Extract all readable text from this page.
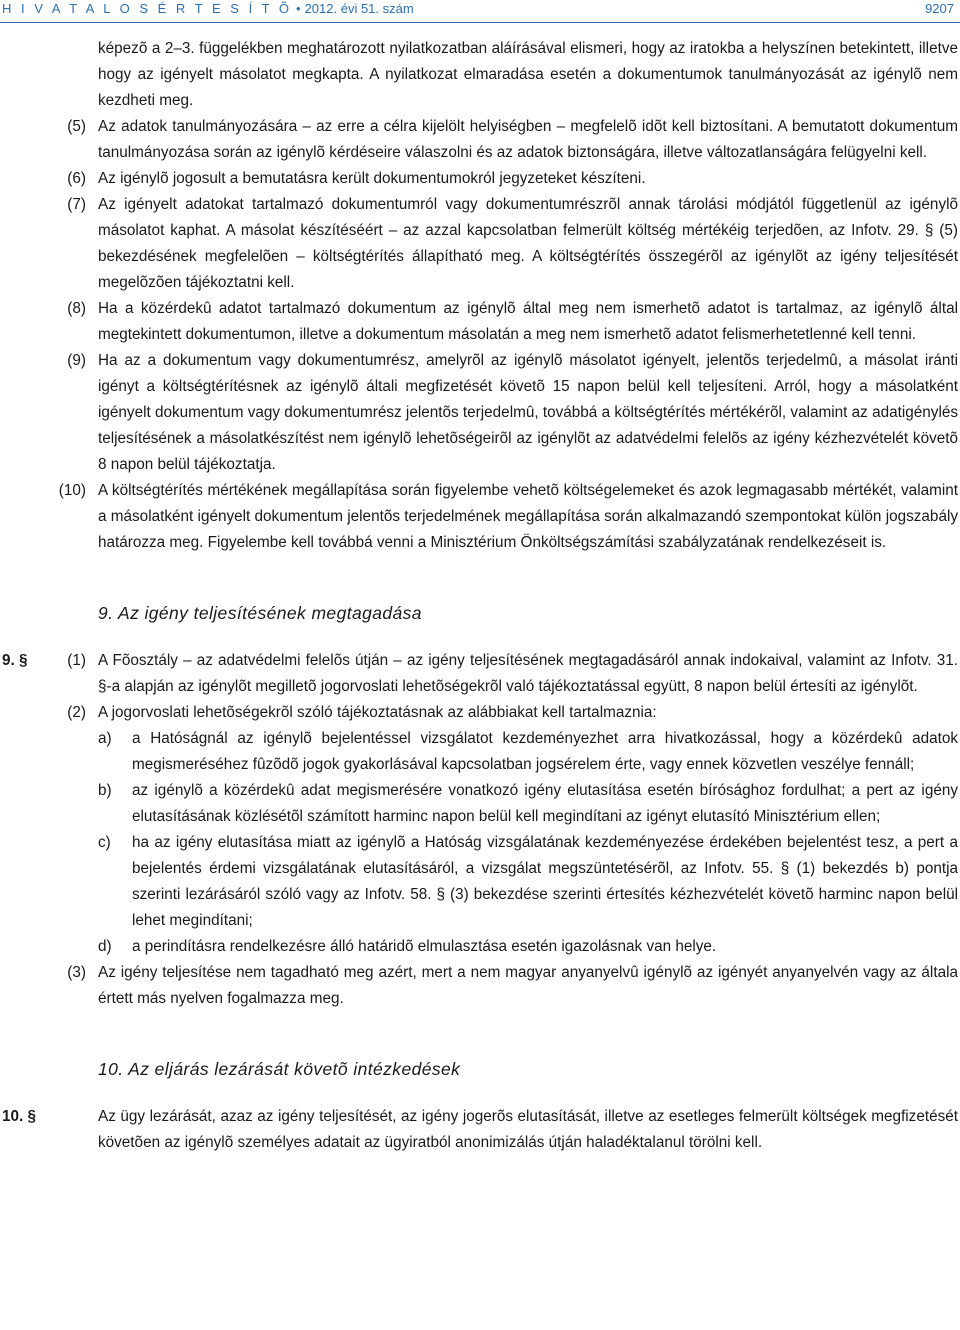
H I V A T A L O S É R T E S Í T Õ • 2012. évi 51. szám	9207

képezõ a 2–3. függelékben meghatározott nyilatkozatban aláírásával elismeri, hogy az iratokba a helyszínen betekintett, illetve hogy az igényelt másolatot megkapta. A nyilatkozat elmaradása esetén a dokumentumok tanulmányozását az igénylõ nem kezdheti meg.

(5) Az adatok tanulmányozására – az erre a célra kijelölt helyiségben – megfelelõ idõt kell biztosítani. A bemutatott dokumentum tanulmányozása során az igénylõ kérdéseire válaszolni és az adatok biztonságára, illetve változatlanságára felügyelni kell.

(6) Az igénylõ jogosult a bemutatásra került dokumentumokról jegyzeteket készíteni.

(7) Az igényelt adatokat tartalmazó dokumentumról vagy dokumentumrészrõl annak tárolási módjától függetlenül az igénylõ másolatot kaphat. A másolat készítéséért – az azzal kapcsolatban felmerült költség mértékéig terjedõen, az Infotv. 29. § (5) bekezdésének megfelelõen – költségtérítés állapítható meg. A költségtérítés összegérõl az igénylõt az igény teljesítését megelõzõen tájékoztatni kell.

(8) Ha a közérdekû adatot tartalmazó dokumentum az igénylõ által meg nem ismerhetõ adatot is tartalmaz, az igénylõ által megtekintett dokumentumon, illetve a dokumentum másolatán a meg nem ismerhetõ adatot felismerhetetlenné kell tenni.

(9) Ha az a dokumentum vagy dokumentumrész, amelyrõl az igénylõ másolatot igényelt, jelentõs terjedelmû, a másolat iránti igényt a költségtérítésnek az igénylõ általi megfizetését követõ 15 napon belül kell teljesíteni. Arról, hogy a másolatként igényelt dokumentum vagy dokumentumrész jelentõs terjedelmû, továbbá a költségtérítés mértékérõl, valamint az adatigénylés teljesítésének a másolatkészítést nem igénylõ lehetõségeirõl az igénylõt az adatvédelmi felelõs az igény kézhezvételét követõ 8 napon belül tájékoztatja.

(10) A költségtérítés mértékének megállapítása során figyelembe vehetõ költségelemeket és azok legmagasabb mértékét, valamint a másolatként igényelt dokumentum jelentõs terjedelmének megállapítása során alkalmazandó szempontokat külön jogszabály határozza meg. Figyelembe kell továbbá venni a Minisztérium Önköltségszámítási szabályzatának rendelkezéseit is.

9. Az igény teljesítésének megtagadása

9. §	(1) A Fõosztály – az adatvédelmi felelõs útján – az igény teljesítésének megtagadásáról annak indokaival, valamint az Infotv. 31. §-a alapján az igénylõt megilletõ jogorvoslati lehetõségekrõl való tájékoztatással együtt, 8 napon belül értesíti az igénylõt.

(2) A jogorvoslati lehetõségekrõl szóló tájékoztatásnak az alábbiakat kell tartalmaznia:

a) a Hatóságnál az igénylõ bejelentéssel vizsgálatot kezdeményezhet arra hivatkozással, hogy a közérdekû adatok megismeréséhez fûzõdõ jogok gyakorlásával kapcsolatban jogsérelem érte, vagy ennek közvetlen veszélye fennáll;

b) az igénylõ a közérdekû adat megismerésére vonatkozó igény elutasítása esetén bírósághoz fordulhat; a pert az igény elutasításának közlésétõl számított harminc napon belül kell megindítani az igényt elutasító Minisztérium ellen;

c) ha az igény elutasítása miatt az igénylõ a Hatóság vizsgálatának kezdeményezése érdekében bejelentést tesz, a pert a bejelentés érdemi vizsgálatának elutasításáról, a vizsgálat megszüntetésérõl, az Infotv. 55. § (1) bekezdés b) pontja szerinti lezárásáról szóló vagy az Infotv. 58. § (3) bekezdése szerinti értesítés kézhezvételét követõ harminc napon belül lehet megindítani;

d) a perindításra rendelkezésre álló határidõ elmulasztása esetén igazolásnak van helye.

(3) Az igény teljesítése nem tagadható meg azért, mert a nem magyar anyanyelvû igénylõ az igényét anyanyelvén vagy az általa értett más nyelven fogalmazza meg.

10. Az eljárás lezárását követõ intézkedések

10. §	Az ügy lezárását, azaz az igény teljesítését, az igény jogerõs elutasítását, illetve az esetleges felmerült költségek megfizetését követõen az igénylõ személyes adatait az ügyiratból anonimizálás útján haladéktalanul törölni kell.
